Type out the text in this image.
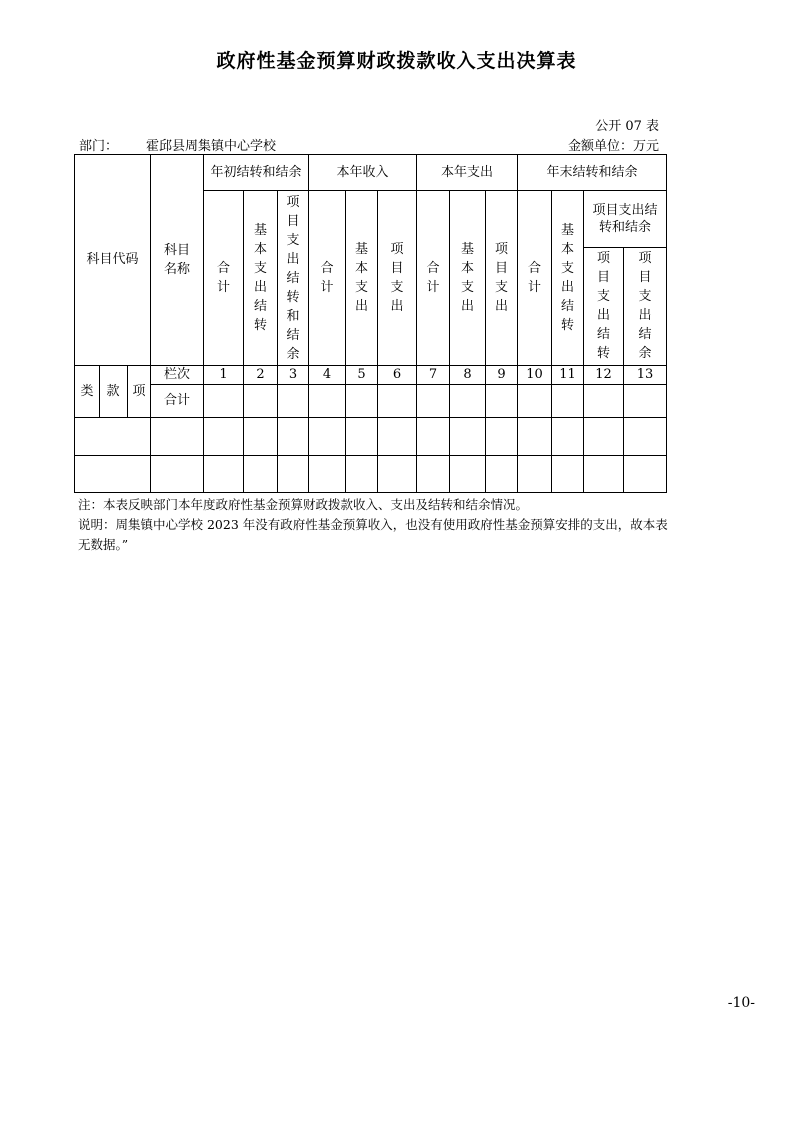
政府性基金预算财政拨款收入支出决算表
公开 07 表
部门： 霍邱县周集镇中心学校	金额单位：万元
科目代码	科目名称	年初结转和结余			本年收入			本年支出			年末结转和结余			
		合计	基本支出结转	项目支出结转和结余	合计	基本支出	项目支出	合计	基本支出	项目支出	合计	基本支出结转	项目支出结转和结余	
													项目支出结转	项目支出结余

类 款 项	栏次	1	2	3	4	5	6	7	8	9	10	11	12	13
	合计													

注：本表反映部门本年度政府性基金预算财政拨款收入、支出及结转和结余情况。
说明：周集镇中心学校 2023 年没有政府性基金预算收入，也没有使用政府性基金预算安排的支出，故本表无数据。”
-10-
